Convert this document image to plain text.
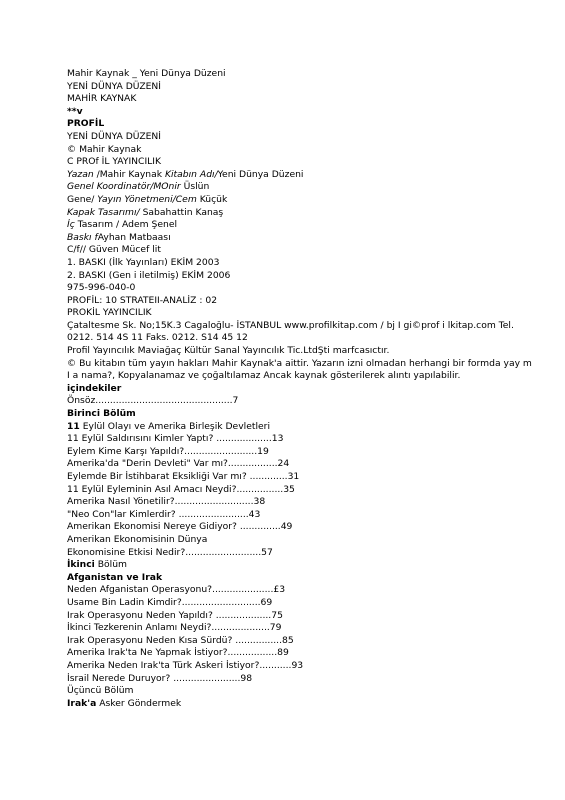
Mahir Kaynak _ Yeni Dünya Düzeni
YENİ DÜNYA DÜZENİ
MAHİR KAYNAK
**v
PROFİL
YENİ DÜNYA DÜZENİ
© Mahir Kaynak
C PROf İL YAYINCILIK
Yazan /Mahir Kaynak Kitabın Adı/Yeni Dünya Düzeni
Genel Koordinatör/MOnir Üslün
Gene/ Yayın Yönetmeni/Cem Küçük
Kapak Tasarımı/ Sabahattin Kanaş
İç Tasarım / Adem Şenel
Baskı fAyhan Matbaası
C/f// Güven Mücef lit
1. BASKI (İlk Yayınları) EKİM 2003
2. BASKI (Gen i iletilmiş) EKİM 2006
975-996-040-0
PROFİL: 10 STRATEII-ANALİZ : 02
PROKİL YAYINCILIK
Çataltesme Sk. No;15K.3 Cagaloğlu- İSTANBUL www.profilkitap.com / bj I gi©prof i lkitap.com Tel. 0212. 514 4S 11 Faks. 0212. S14 45 12
Profil Yayıncılık Maviağaç Kültür Sanal Yayıncılık Tic.LtdŞti marfcasıctır.
© Bu kitabın tüm yayın hakları Mahir Kaynak'a aittir. Yazarın izni olmadan herhangi bir formda yay m I a nama?, Kopyalanamaz ve çoğaltılamaz Ancak kaynak gösterilerek alıntı yapılabilir.
içindekiler
Önsöz...............................................7
Birinci Bölüm
11 Eylül Olayı ve Amerika Birleşik Devletleri
11 Eylül Saldırısını Kimler Yaptı? ...................13
Eylem Kime Karşı Yapıldı?.........................19
Amerika'da "Derin Devleti" Var mı?.................24
Eylemde Bir İstihbarat Eksikliği Var mı? .............31
11 Eylül Eyleminin Asıl Amacı Neydi?................35
Amerika Nasıl Yönetilir?...........................38
"Neo Con"lar Kimlerdir? ........................43
Amerikan Ekonomisi Nereye Gidiyor? ..............49
Amerikan Ekonomisinin Dünya
Ekonomisine Etkisi Nedir?..........................57
İkinci Bölüm
Afganistan ve Irak
Neden Afganistan Operasyonu?.....................£3
Usame Bin Ladin Kimdir?...........................69
Irak Operasyonu Neden Yapıldı? ...................75
İkinci Tezkerenin Anlamı Neydi?....................79
Irak Operasyonu Neden Kısa Sürdü? ................85
Amerika Irak'ta Ne Yapmak İstiyor?.................89
Amerika Neden Irak'ta Türk Askeri İstiyor?...........93
İsrail Nerede Duruyor? .......................98
Üçüncü Bölüm
Irak'a Asker Göndermek
